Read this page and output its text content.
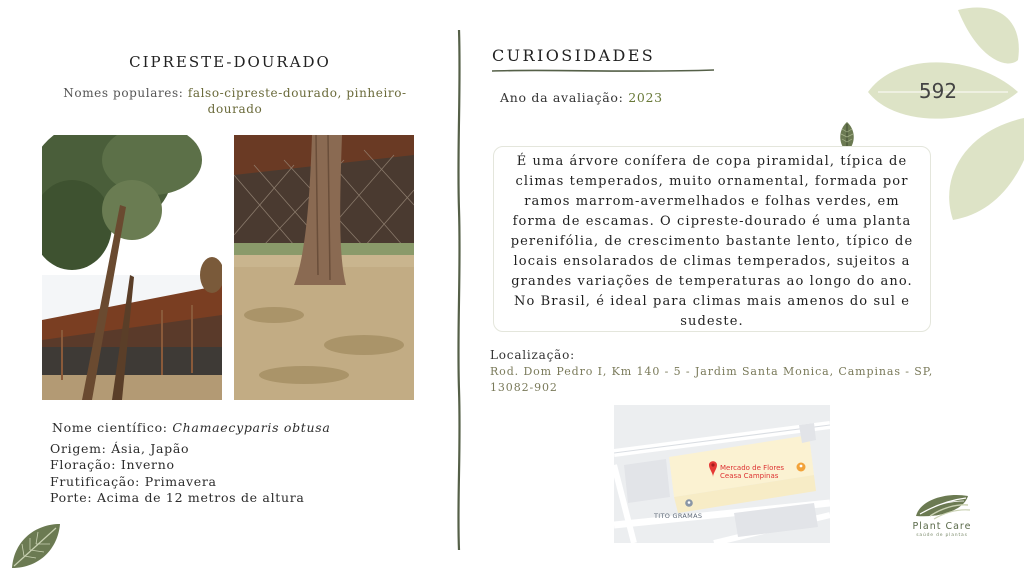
CIPRESTE-DOURADO
Nomes populares: falso-cipreste-dourado, pinheiro-dourado
Nome científico: Chamaecyparis obtusa
Origem: Ásia, Japão
Floração: Inverno
Frutificação: Primavera
Porte: Acima de 12 metros de altura
CURIOSIDADES
Ano da avaliação: 2023	592
É uma árvore conífera de copa piramidal, típica de climas temperados, muito ornamental, formada por ramos marrom-avermelhados e folhas verdes, em forma de escamas. O cipreste-dourado é uma planta perenifólia, de crescimento bastante lento, típico de locais ensolarados de climas temperados, sujeitos a grandes variações de temperaturas ao longo do ano. No Brasil, é ideal para climas mais amenos do sul e sudeste.
Localização:
Rod. Dom Pedro I, Km 140 - 5 - Jardim Santa Monica, Campinas - SP, 13082-902
Mercado de Flores
Ceasa Campinas
TITO GRAMAS
Plant Care
saúde de plantas
